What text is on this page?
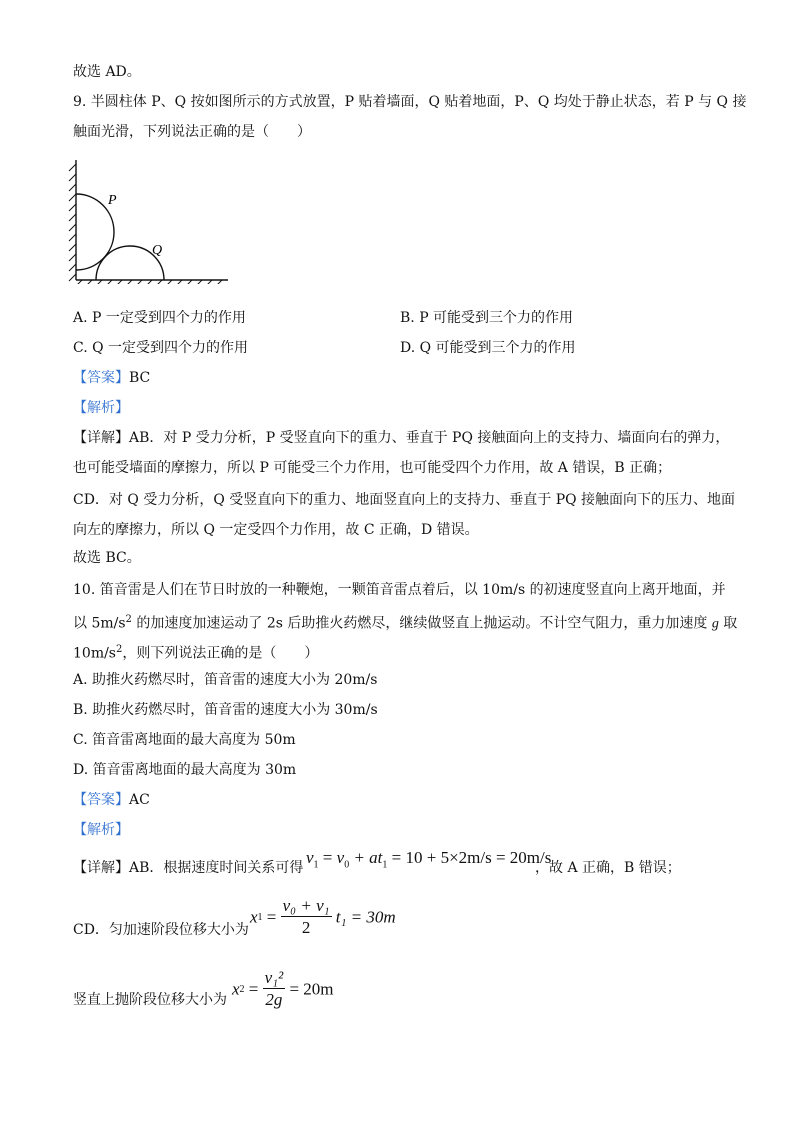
故选 AD。
9. 半圆柱体 P、Q 按如图所示的方式放置，P 贴着墙面，Q 贴着地面，P、Q 均处于静止状态，若 P 与 Q 接
触面光滑，下列说法正确的是（　　）
P
Q
A. P 一定受到四个力的作用	B. P 可能受到三个力的作用
C. Q 一定受到四个力的作用	D. Q 可能受到三个力的作用
【答案】BC
【解析】
【详解】AB．对 P 受力分析，P 受竖直向下的重力、垂直于 PQ 接触面向上的支持力、墙面向右的弹力，
也可能受墙面的摩擦力，所以 P 可能受三个力作用，也可能受四个力作用，故 A 错误，B 正确；
CD．对 Q 受力分析，Q 受竖直向下的重力、地面竖直向上的支持力、垂直于 PQ 接触面向下的压力、地面
向左的摩擦力，所以 Q 一定受四个力作用，故 C 正确，D 错误。
故选 BC。
10. 笛音雷是人们在节日时放的一种鞭炮，一颗笛音雷点着后，以 10m/s 的初速度竖直向上离开地面，并
以 $5m/s^2$ 的加速度加速运动了 2s 后助推火药燃尽，继续做竖直上抛运动。不计空气阻力，重力加速度 g 取
$10m/s^2$，则下列说法正确的是（　　）
A. 助推火药燃尽时，笛音雷的速度大小为 20m/s
B. 助推火药燃尽时，笛音雷的速度大小为 30m/s
C. 笛音雷离地面的最大高度为 50m
D. 笛音雷离地面的最大高度为 30m
【答案】AC
【解析】
【详解】AB．根据速度时间关系可得
$v_1 = v_0 + at_1 = 10 + 5\times 2m/s = 20m/s$
，故 A 正确，B 错误；
CD．匀加速阶段位移大小为
$x1 = \frac{\text{v₀ + v₁}}{2} t_1 = 30m$
竖直上抛阶段位移大小为
$x2 = \frac{\text{v₁²}}{2g} = 20m$
